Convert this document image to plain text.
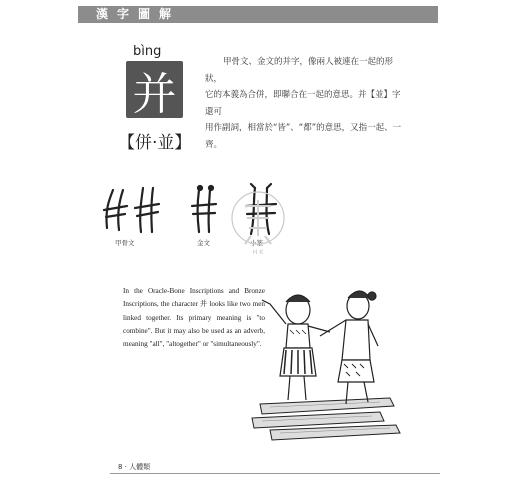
漢字圖解
bìng
并
【併·並】
甲骨文、金文的并字，像兩人被連在一起的形狀，
它的本義為合併，即聯合在一起的意思。并【並】字還可
用作副詞，相當於“皆”、“都”的意思，又指一起、一齊。
甲骨文	金文	小篆
H K
In the Oracle-Bone Inscriptions and Bronze Inscriptions, the character 并 looks like two men linked together. Its primary meaning is "to combine". But it may also be used as an adverb, meaning "all", "altogether" or "simultaneously".
8 · 人體類
